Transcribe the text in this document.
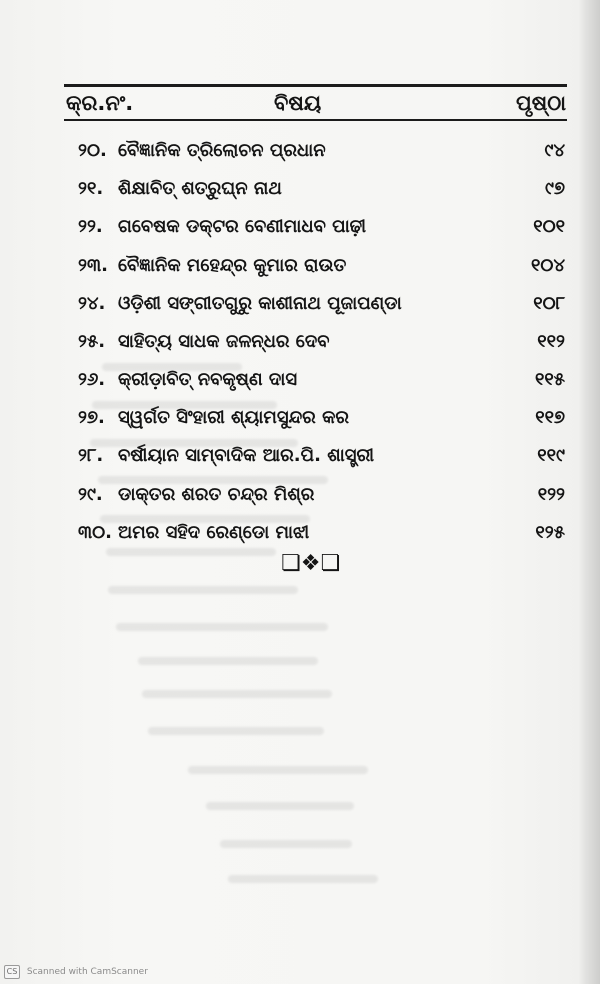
କ୍ର.ନଂ.	ବିଷୟ	ପୃଷ୍ଠା
୨୦. ବୈଜ୍ଞାନିକ ତ୍ରିଲୋଚନ ପ୍ରଧାନ	୯୪
୨୧. ଶିକ୍ଷାବିତ୍ ଶତ୍ରୁଘ୍ନ ନାଥ	୯୭
୨୨. ଗବେଷକ ଡକ୍ଟର ବେଣୀମାଧବ ପାଢ଼ୀ	୧୦୧
୨୩. ବୈଜ୍ଞାନିକ ମହେନ୍ଦ୍ର କୁମାର ରାଉତ	୧୦୪
୨୪. ଓଡ଼ିଶୀ ସଙ୍ଗୀତଗୁରୁ କାଶୀନାଥ ପୂଜାପଣ୍ଡା	୧୦୮
୨୫. ସାହିତ୍ୟ ସାଧକ ଜଳନ୍ଧର ଦେବ	୧୧୨
୨୬. କ୍ରୀଡ଼ାବିତ୍ ନବକୃଷ୍ଣ ଦାସ	୧୧୫
୨୭. ସ୍ୱର୍ଗତ ସିଂହାରୀ ଶ୍ୟାମସୁନ୍ଦର କର	୧୧୭
୨୮. ବର୍ଷୀୟାନ ସାମ୍ବାଦିକ ଆର.ପି. ଶାସ୍ତ୍ରୀ	୧୧୯
୨୯. ଡାକ୍ତର ଶରତ ଚନ୍ଦ୍ର ମିଶ୍ର	୧୨୨
୩୦. ଅମର ସହିଦ ରେଣ୍ଡୋ ମାଝୀ	୧୨୫
❏❖❏
CS Scanned with CamScanner
